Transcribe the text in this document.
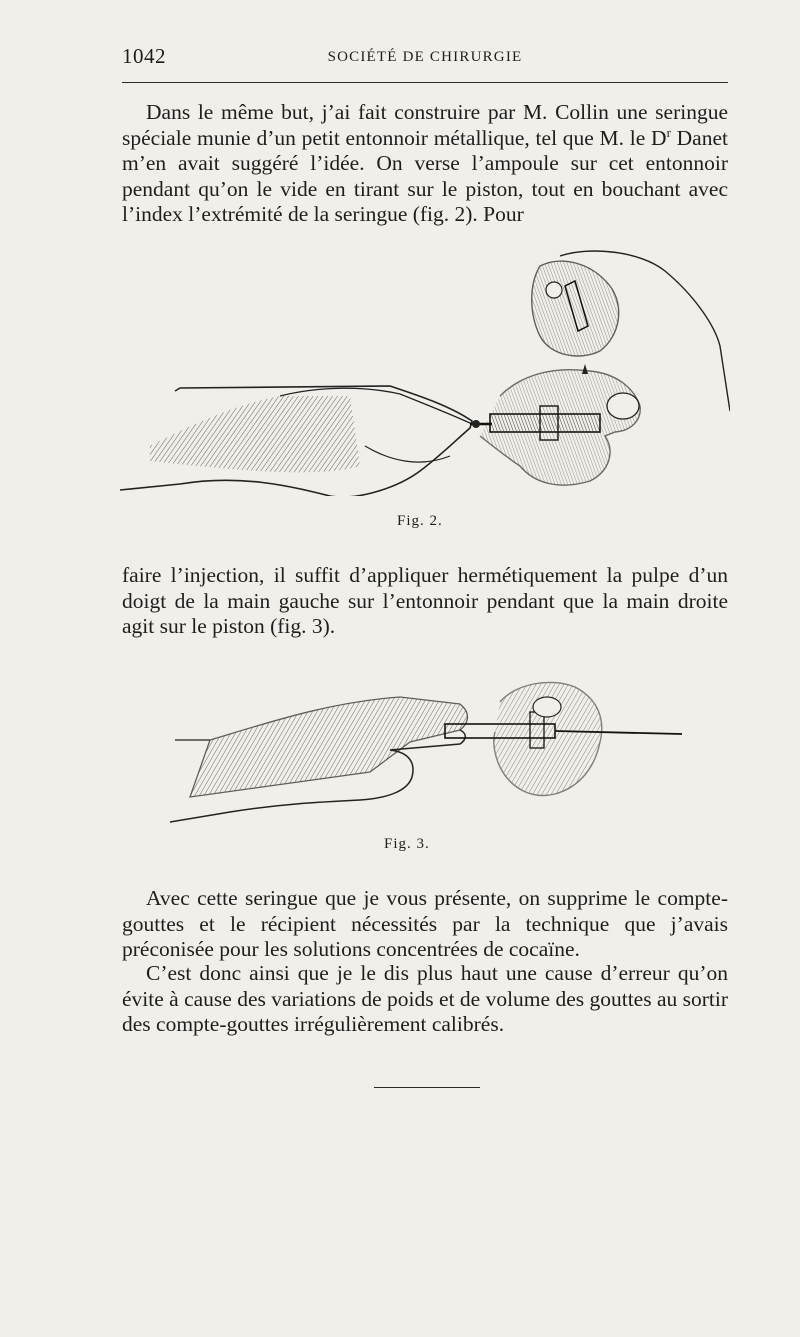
1042	SOCIÉTÉ DE CHIRURGIE

Dans le même but, j’ai fait construire par M. Collin une seringue spéciale munie d’un petit entonnoir métallique, tel que M. le $D^r$ Danet m’en avait suggéré l’idée. On verse l’ampoule sur cet entonnoir pendant qu’on le vide en tirant sur le piston, tout en bouchant avec l’index l’extrémité de la seringue (fig. 2). Pour

Fig. 2.

faire l’injection, il suffit d’appliquer hermétiquement la pulpe d’un doigt de la main gauche sur l’entonnoir pendant que la main droite agit sur le piston (fig. 3).

Fig. 3.

Avec cette seringue que je vous présente, on supprime le compte-gouttes et le récipient nécessités par la technique que j’avais préconisée pour les solutions concentrées de cocaïne.

C’est donc ainsi que je le dis plus haut une cause d’erreur qu’on évite à cause des variations de poids et de volume des gouttes au sortir des compte-gouttes irrégulièrement calibrés.
